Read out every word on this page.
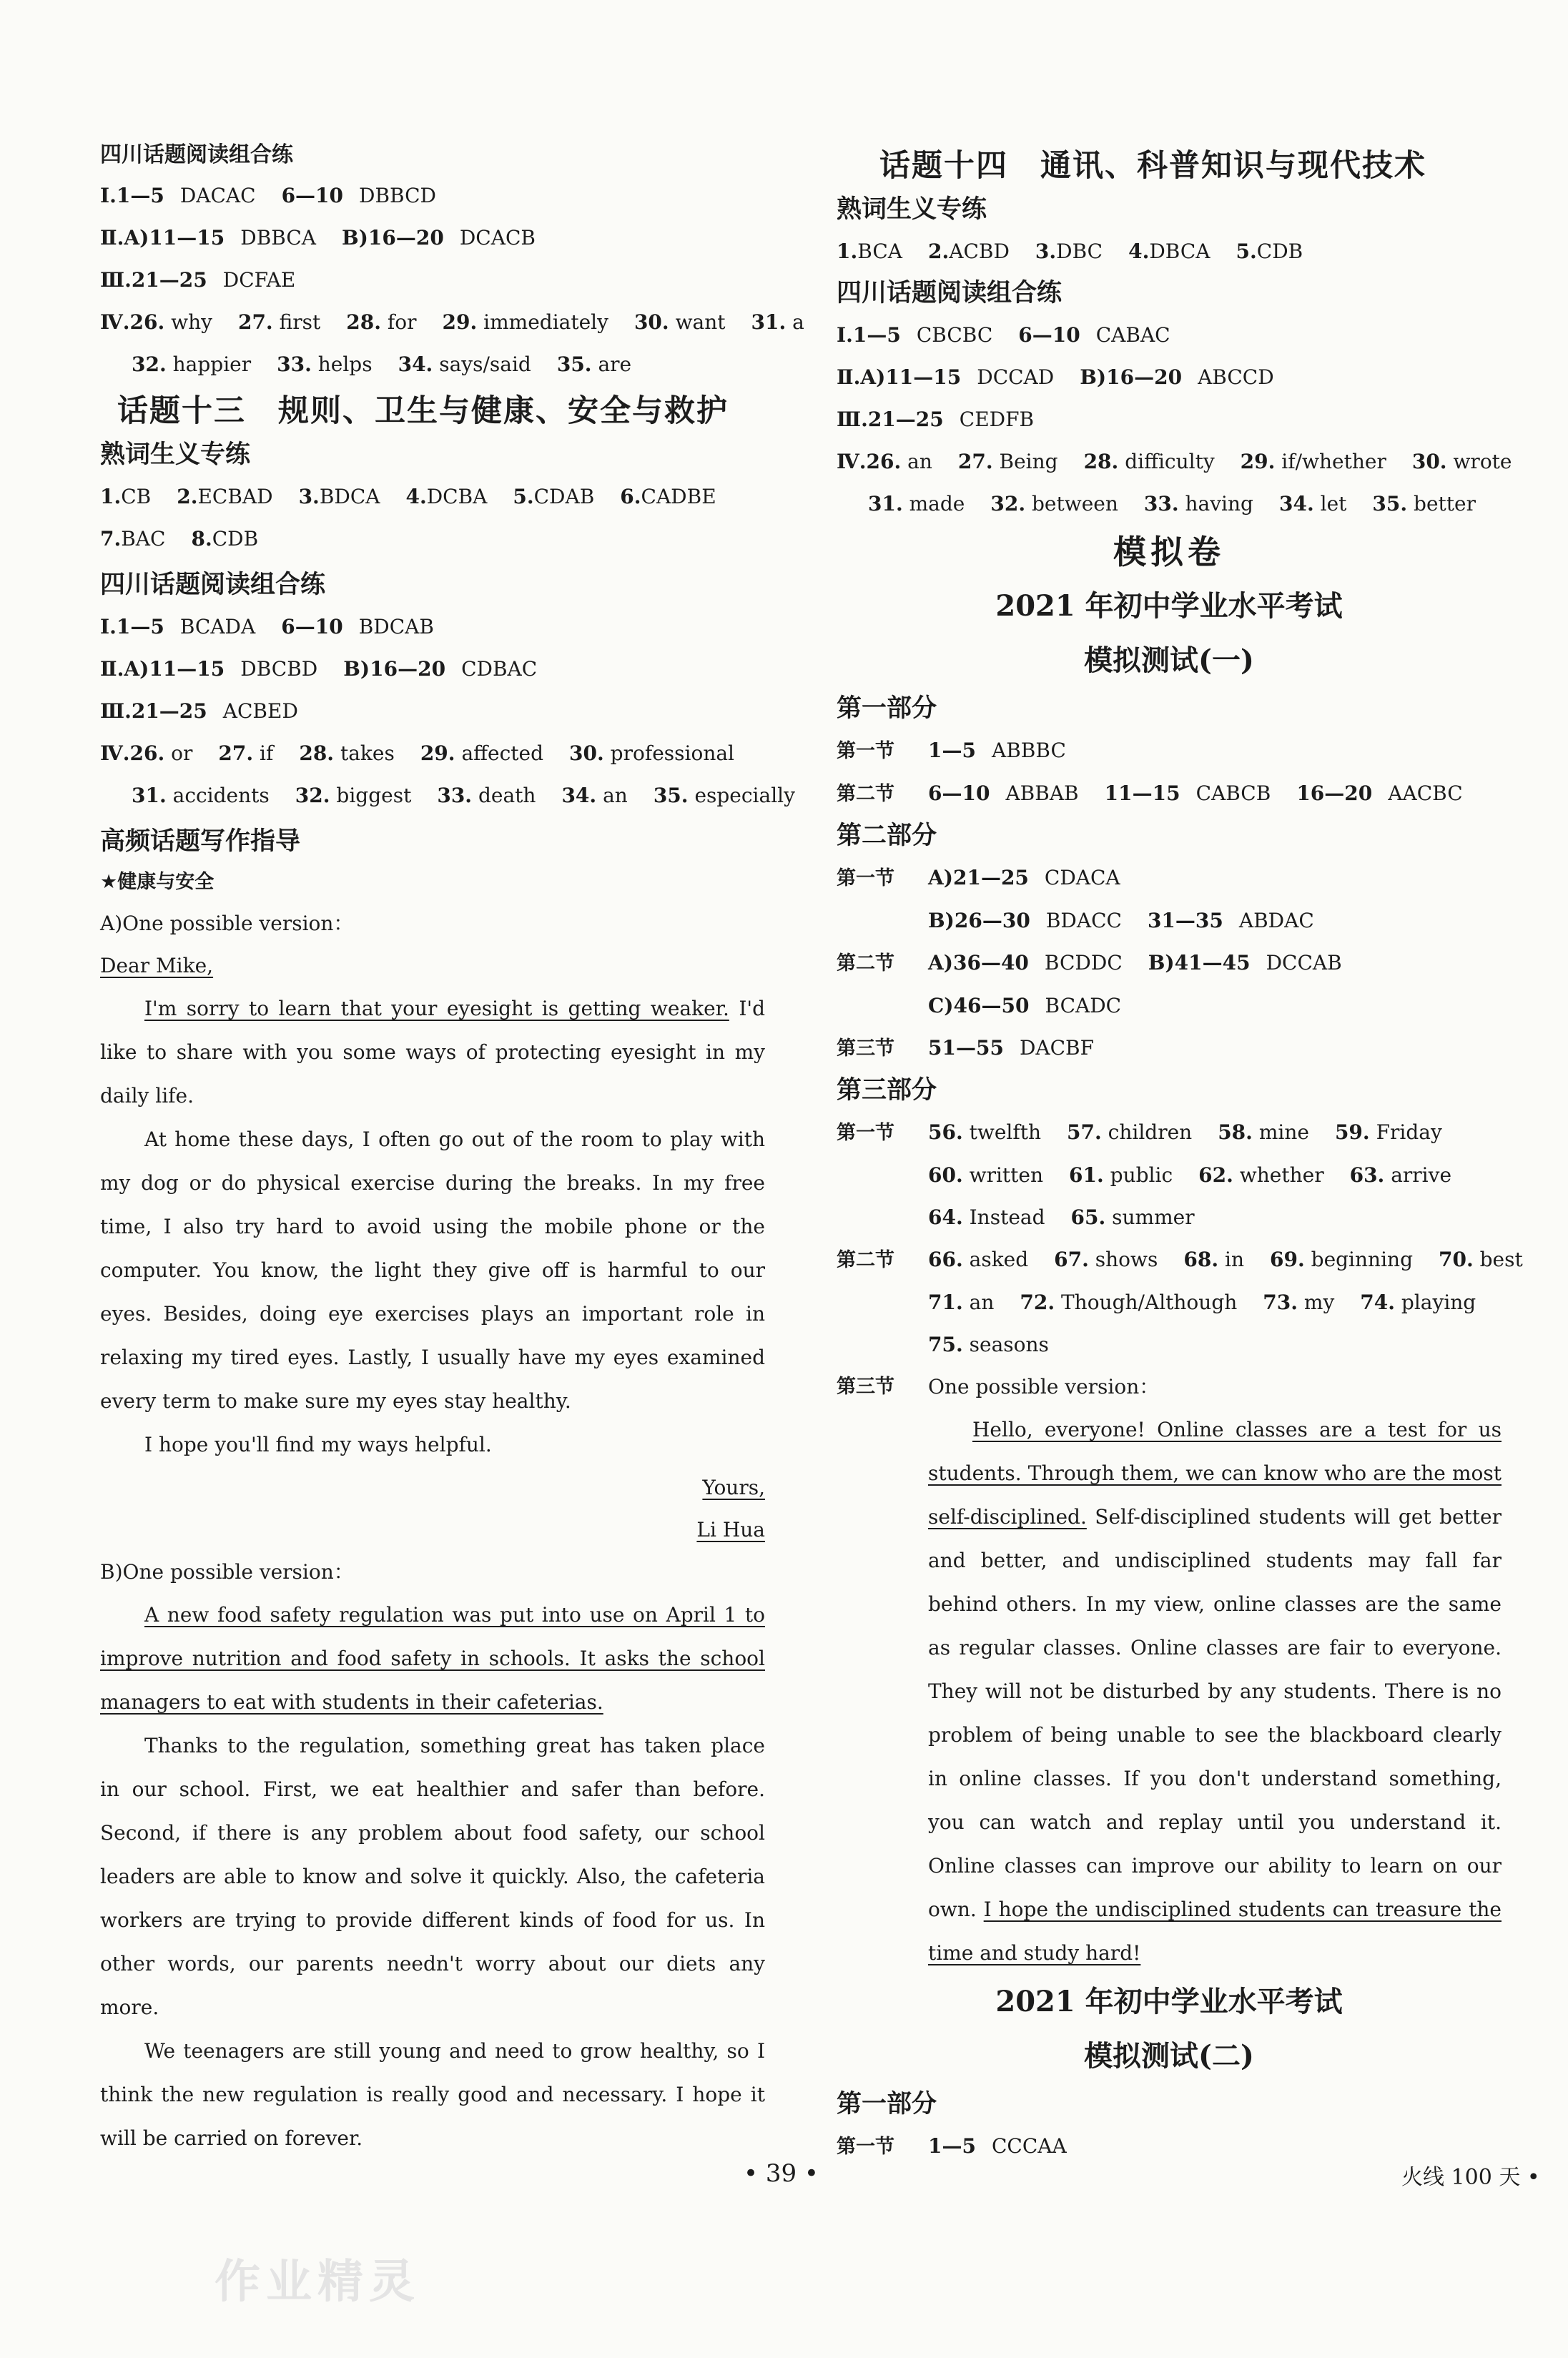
四川话题阅读组合练
Ⅰ.1—5 DACAC 6—10 DBBCD
Ⅱ.A)11—15 DBBCA B)16—20 DCACB
Ⅲ.21—25 DCFAE
Ⅳ.26. why 27. first 28. for 29. immediately 30. want 31. a
32. happier 33. helps 34. says/said 35. are
话题十三　规则、卫生与健康、安全与救护
熟词生义专练
1.CB 2.ECBAD 3.BDCA 4.DCBA 5.CDAB 6.CADBE
7.BAC 8.CDB
四川话题阅读组合练
Ⅰ.1—5 BCADA 6—10 BDCAB
Ⅱ.A)11—15 DBCBD B)16—20 CDBAC
Ⅲ.21—25 ACBED
Ⅳ.26. or 27. if 28. takes 29. affected 30. professional
31. accidents 32. biggest 33. death 34. an 35. especially
高频话题写作指导
★健康与安全
A)One possible version：
Dear Mike,

I'm sorry to learn that your eyesight is getting weaker. I'd like to share with you some ways of protecting eyesight in my daily life.

At home these days, I often go out of the room to play with my dog or do physical exercise during the breaks. In my free time, I also try hard to avoid using the mobile phone or the computer. You know, the light they give off is harmful to our eyes. Besides, doing eye exercises plays an important role in relaxing my tired eyes. Lastly, I usually have my eyes examined every term to make sure my eyes stay healthy.

I hope you'll find my ways helpful.

Yours,
Li Hua
B)One possible version：

A new food safety regulation was put into use on April 1 to improve nutrition and food safety in schools. It asks the school managers to eat with students in their cafeterias.

Thanks to the regulation, something great has taken place in our school. First, we eat healthier and safer than before. Second, if there is any problem about food safety, our school leaders are able to know and solve it quickly. Also, the cafeteria workers are trying to provide different kinds of food for us. In other words, our parents needn't worry about our diets any more.

We teenagers are still young and need to grow healthy, so I think the new regulation is really good and necessary. I hope it will be carried on forever.

话题十四　通讯、科普知识与现代技术
熟词生义专练
1.BCA 2.ACBD 3.DBC 4.DBCA 5.CDB
四川话题阅读组合练
Ⅰ.1—5 CBCBC 6—10 CABAC
Ⅱ.A)11—15 DCCAD B)16—20 ABCCD
Ⅲ.21—25 CEDFB
Ⅳ.26. an 27. Being 28. difficulty 29. if/whether 30. wrote
31. made 32. between 33. having 34. let 35. better
模拟卷
2021 年初中学业水平考试
模拟测试(一)
第一部分
第一节 1—5 ABBBC
第二节 6—10 ABBAB 11—15 CABCB 16—20 AACBC
第二部分
第一节 A)21—25 CDACA
B)26—30 BDACC 31—35 ABDAC
第二节 A)36—40 BCDDC B)41—45 DCCAB
C)46—50 BCADC
第三节 51—55 DACBF
第三部分
第一节 56. twelfth 57. children 58. mine 59. Friday
60. written 61. public 62. whether 63. arrive
64. Instead 65. summer
第二节 66. asked 67. shows 68. in 69. beginning 70. best
71. an 72. Though/Although 73. my 74. playing
75. seasons
第三节	One possible version：

Hello, everyone! Online classes are a test for us students. Through them, we can know who are the most self-disciplined. Self-disciplined students will get better and better, and undisciplined students may fall far behind others. In my view, online classes are the same as regular classes. Online classes are fair to everyone. They will not be disturbed by any students. There is no problem of being unable to see the blackboard clearly in online classes. If you don't understand something, you can watch and replay until you understand it. Online classes can improve our ability to learn on our own. I hope the undisciplined students can treasure the time and study hard!

2021 年初中学业水平考试
模拟测试(二)
第一部分
第一节 1—5 CCCAA
• 39 •	火线 100 天 •
作业精灵
